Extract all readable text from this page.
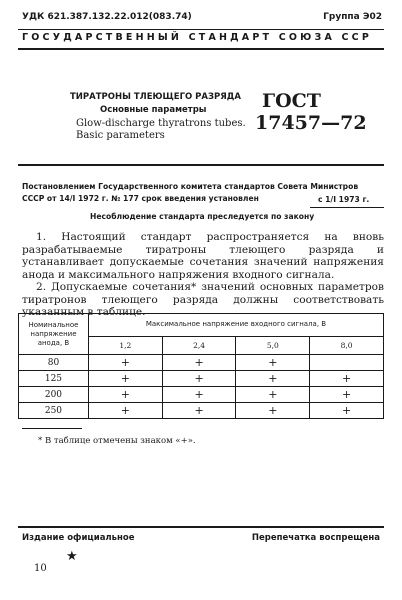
УДК 621.387.132.22.012(083.74)	Группа Э02
ГОСУДАРСТВЕННЫЙ СТАНДАРТ СОЮЗА ССР
ТИРАТРОНЫ ТЛЕЮЩЕГО РАЗРЯДА
Основные параметры
Glow-discharge thyratrons tubes.
Basic parameters
ГОСТ
17457—72
Постановлением Государственного комитета стандартов Совета Министров СССР от 14/I 1972 г. № 177 срок введения установлен	с 1/I 1973 г.
Несоблюдение стандарта преследуется по закону

1. Настоящий стандарт распространяется на вновь разрабатываемые тиратроны тлеющего разряда и устанавливает допускаемые сочетания значений напряжения анода и максимального напряжения входного сигнала.

2. Допускаемые сочетания* значений основных параметров тиратронов тлеющего разряда должны соответствовать указанным в таблице.

Номинальное напряжение анода, В	Максимальное напряжение входного сигнала, В			
	1,2	2,4	5,0	8,0
80	+	+	+	
125	+	+	+	+
200	+	+	+	+
250	+	+	+	+
* В таблице отмечены знаком «+».
Издание официальное	Перепечатка воспрещена
★
10
